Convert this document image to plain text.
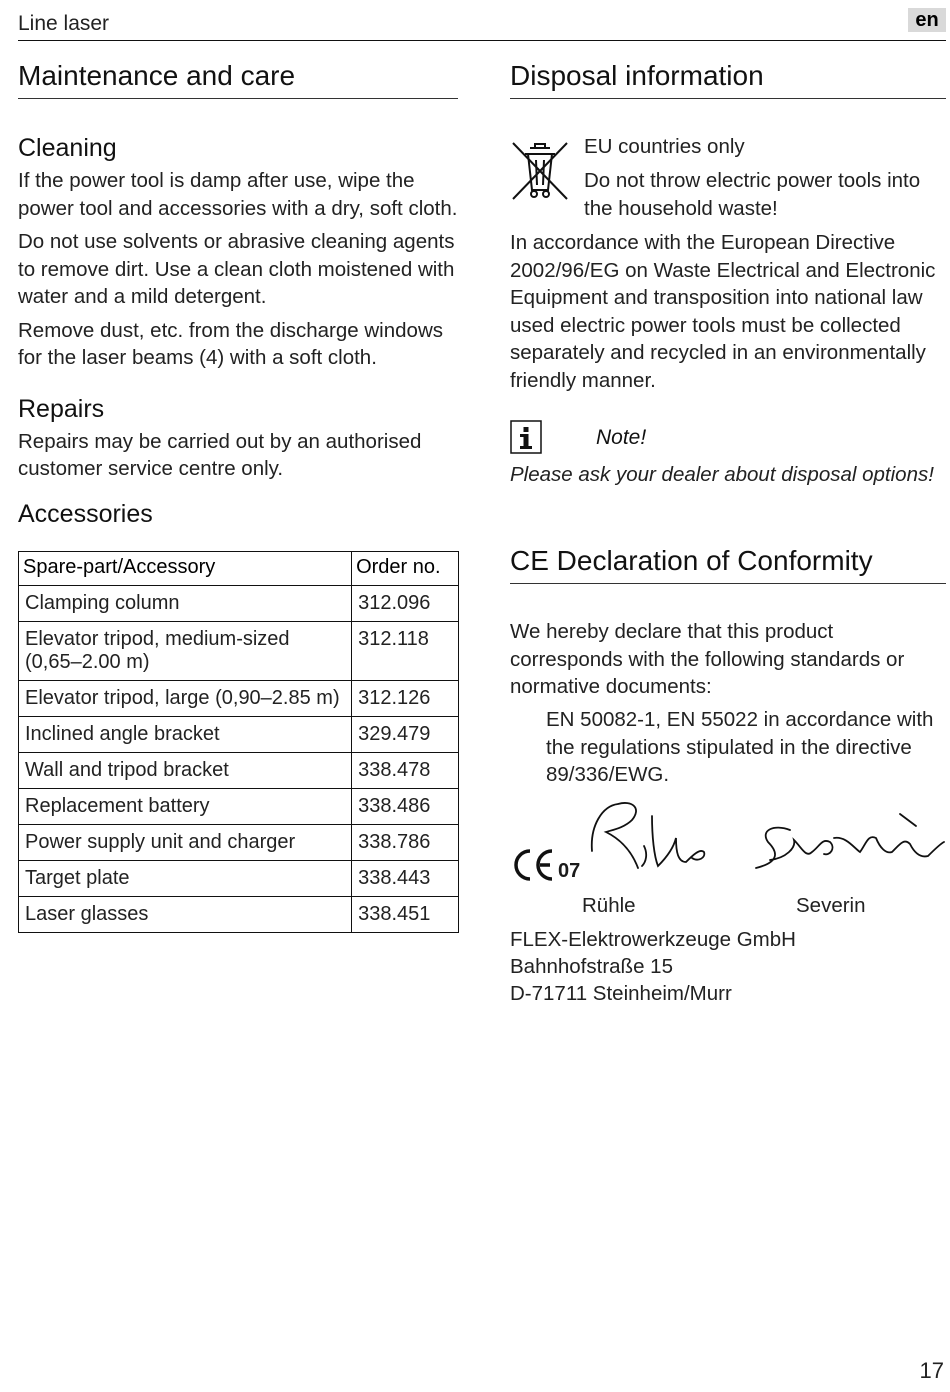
Line laser	en
Maintenance and care
Cleaning

If the power tool is damp after use, wipe the power tool and accessories with a dry, soft cloth.

Do not use solvents or abrasive cleaning agents to remove dirt. Use a clean cloth moistened with water and a mild detergent.

Remove dust, etc. from the discharge windows for the laser beams (4) with a soft cloth.

Repairs

Repairs may be carried out by an authorised customer service centre only.

Accessories
Spare-part/Accessory	Order no.
Clamping column	312.096
Elevator tripod, medium-sized (0,65–2.00 m)	312.118
Elevator tripod, large (0,90–2.85 m)	312.126
Inclined angle bracket	329.479
Wall and tripod bracket	338.478
Replacement battery	338.486
Power supply unit and charger	338.786
Target plate	338.443
Laser glasses	338.451
Disposal information

EU countries only

Do not throw electric power tools into the household waste!

In accordance with the European Directive 2002/96/EG on Waste Electrical and Electronic Equipment and transposition into national law used electric power tools must be collected separately and recycled in an environmentally friendly manner.

Note!

Please ask your dealer about disposal options!

CE Declaration of Conformity

We hereby declare that this product corresponds with the following standards or normative documents:

EN 50082-1, EN 55022 in accordance with the regulations stipulated in the directive 89/336/EWG.

07

Rühle	Severin

FLEX-Elektrowerkzeuge GmbH

Bahnhofstraße 15

D-71711 Steinheim/Murr

17
